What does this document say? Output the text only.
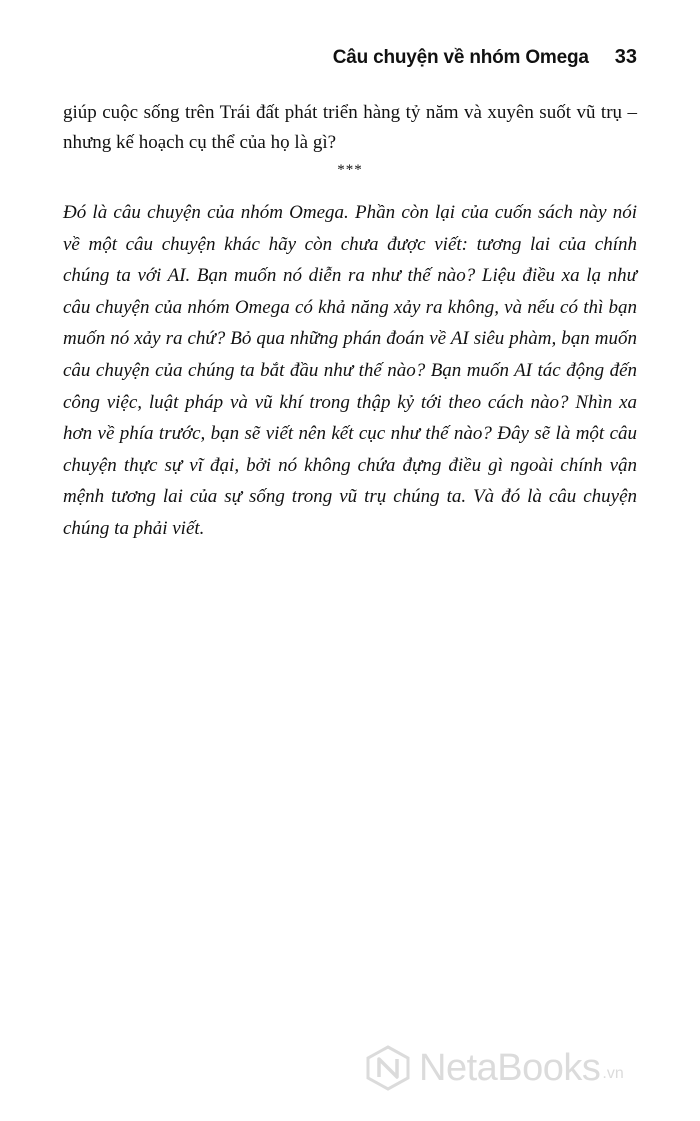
Câu chuyện về nhóm Omega 33

giúp cuộc sống trên Trái đất phát triển hàng tỷ năm và xuyên suốt vũ trụ – nhưng kế hoạch cụ thể của họ là gì?

***

Đó là câu chuyện của nhóm Omega. Phần còn lại của cuốn sách này nói về một câu chuyện khác hãy còn chưa được viết: tương lai của chính chúng ta với AI. Bạn muốn nó diễn ra như thế nào? Liệu điều xa lạ như câu chuyện của nhóm Omega có khả năng xảy ra không, và nếu có thì bạn muốn nó xảy ra chứ? Bỏ qua những phán đoán về AI siêu phàm, bạn muốn câu chuyện của chúng ta bắt đầu như thế nào? Bạn muốn AI tác động đến công việc, luật pháp và vũ khí trong thập kỷ tới theo cách nào? Nhìn xa hơn về phía trước, bạn sẽ viết nên kết cục như thế nào? Đây sẽ là một câu chuyện thực sự vĩ đại, bởi nó không chứa đựng điều gì ngoài chính vận mệnh tương lai của sự sống trong vũ trụ chúng ta. Và đó là câu chuyện chúng ta phải viết.

NetaBooks .vn
